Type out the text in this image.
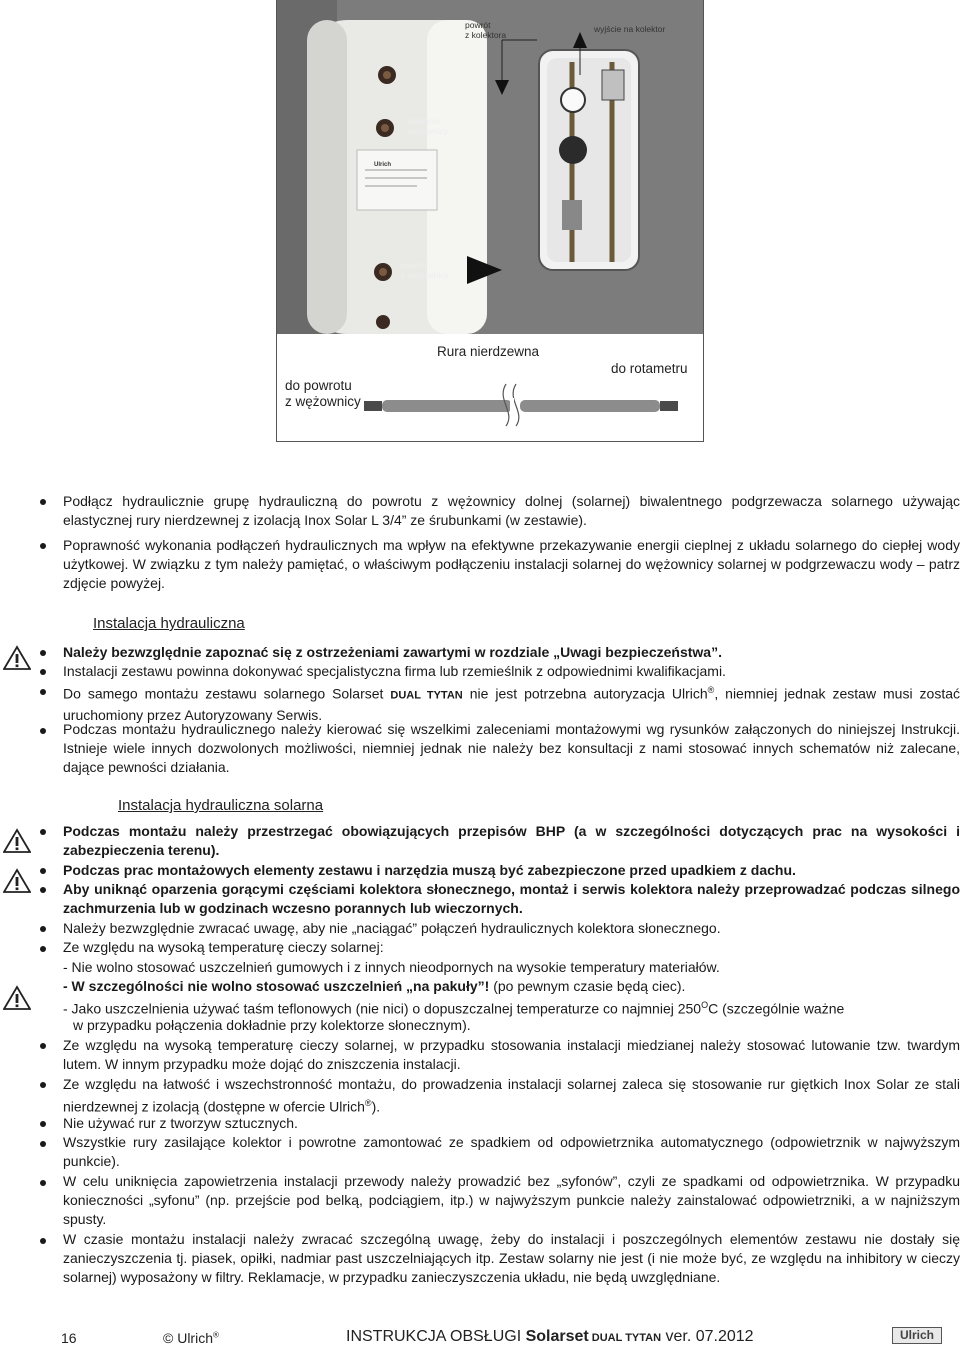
powrót
z kolektora
wyjście na kolektor
zasilanie
wężownicy
Ulrich
powrót
z wężownicy
Rura nierdzewna
do powrotu
z wężownicy
do rotametru
Podłącz hydraulicznie grupę hydrauliczną do powrotu z wężownicy dolnej (solarnej) biwalentnego podgrzewacza solarnego używając elastycznej rury nierdzewnej z izolacją Inox Solar L 3/4” ze śrubunkami (w zestawie).
Poprawność wykonania podłączeń hydraulicznych ma wpływ na efektywne przekazywanie energii cieplnej z układu solarnego do ciepłej wody użytkowej. W związku z tym należy pamiętać, o właściwym podłączeniu instalacji solarnej do wężownicy solarnej w podgrzewaczu wody – patrz zdjęcie powyżej.
Instalacja hydrauliczna
Należy bezwzględnie zapoznać się z ostrzeżeniami zawartymi w rozdziale „Uwagi bezpieczeństwa”.
Instalacji zestawu powinna dokonywać specjalistyczna firma lub rzemieślnik z odpowiednimi kwalifikacjami.
Do samego montażu zestawu solarnego Solarset DUAL TYTAN nie jest potrzebna autoryzacja Ulrich®, niemniej jednak zestaw musi zostać uruchomiony przez Autoryzowany Serwis.
Podczas montażu hydraulicznego należy kierować się wszelkimi zaleceniami montażowymi wg rysunków załączonych do niniejszej Instrukcji. Istnieje wiele innych dozwolonych możliwości, niemniej jednak nie należy bez konsultacji z nami stosować innych schematów niż zalecane, dające pewności działania.
Instalacja hydrauliczna solarna
Podczas montażu należy przestrzegać obowiązujących przepisów BHP (a w szczególności dotyczących prac na wysokości i zabezpieczenia terenu).
Podczas prac montażowych elementy zestawu i narzędzia muszą być zabezpieczone przed upadkiem z dachu.
Aby uniknąć oparzenia gorącymi częściami kolektora słonecznego, montaż i serwis kolektora należy przeprowadzać podczas silnego zachmurzenia lub w godzinach wczesno porannych lub wieczornych.
Należy bezwzględnie zwracać uwagę, aby nie „naciągać” połączeń hydraulicznych kolektora słonecznego.
Ze względu na wysoką temperaturę cieczy solarnej:
- Nie wolno stosować uszczelnień gumowych i z innych nieodpornych na wysokie temperatury materiałów.
- W szczególności nie wolno stosować uszczelnień „na pakuły”! (po pewnym czasie będą ciec).
- Jako uszczelnienia używać taśm teflonowych (nie nici) o dopuszczalnej temperaturze co najmniej $250^OC$ (szczególnie ważne
w przypadku połączenia dokładnie przy kolektorze słonecznym).
Ze względu na wysoką temperaturę cieczy solarnej, w przypadku stosowania instalacji miedzianej należy stosować lutowanie tzw. twardym lutem. W innym przypadku może dojąć do zniszczenia instalacji.
Ze względu na łatwość i wszechstronność montażu, do prowadzenia instalacji solarnej zaleca się stosowanie rur giętkich Inox Solar ze stali nierdzewnej z izolacją (dostępne w ofercie Ulrich®).
Nie używać rur z tworzyw sztucznych.
Wszystkie rury zasilające kolektor i powrotne zamontować ze spadkiem od odpowietrznika automatycznego (odpowietrznik w najwyższym punkcie).
W celu uniknięcia zapowietrzenia instalacji przewody należy prowadzić bez „syfonów”, czyli ze spadkami od odpowietrznika. W przypadku konieczności „syfonu” (np. przejście pod belką, podciągiem, itp.) w najwyższym punkcie należy zainstalować odpowietrzniki, a w najniższym spusty.
W czasie montażu instalacji należy zwracać szczególną uwagę, żeby do instalacji i poszczególnych elementów zestawu nie dostały się zanieczyszczenia tj. piasek, opiłki, nadmiar past uszczelniających itp. Zestaw solarny nie jest (i nie może być, ze względu na inhibitory w cieczy solarnej) wyposażony w filtry. Reklamacje, w przypadku zanieczyszczenia układu, nie będą uwzględniane.
16	© Ulrich®	INSTRUKCJA OBSŁUGI Solarset DUAL TYTAN ver. 07.2012	Ulrich
